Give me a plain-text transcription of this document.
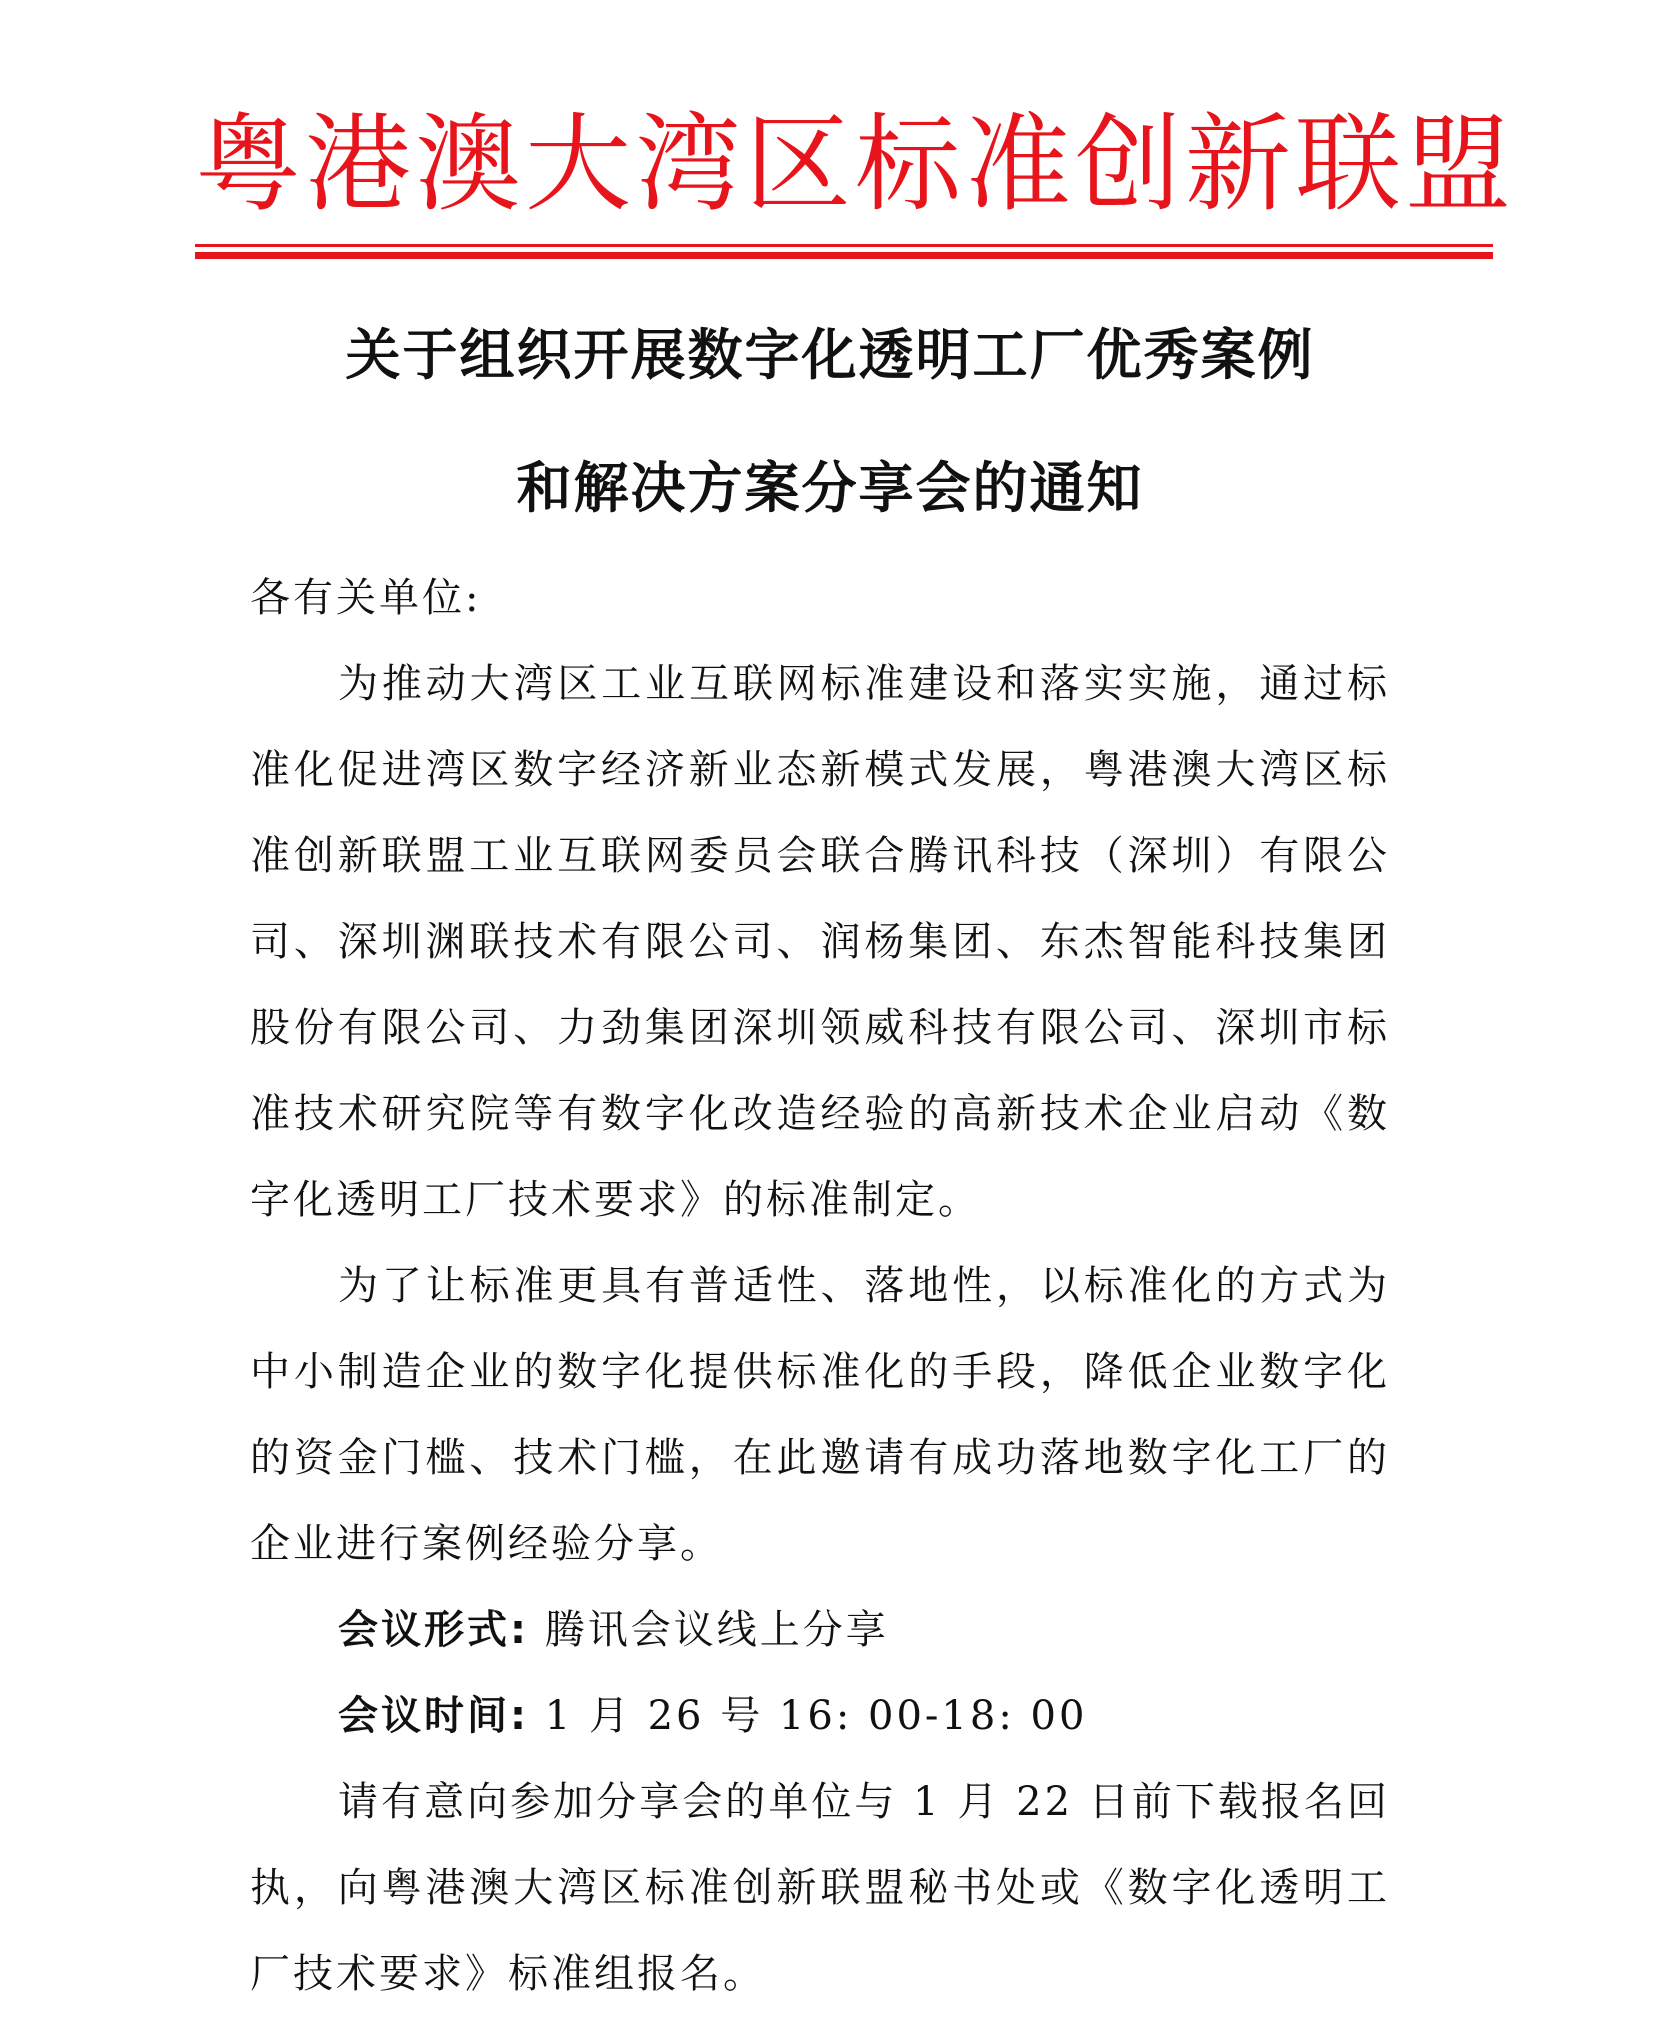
粤港澳大湾区标准创新联盟
关于组织开展数字化透明工厂优秀案例
和解决方案分享会的通知

各有关单位:

为推动大湾区工业互联网标准建设和落实实施，通过标准化促进湾区数字经济新业态新模式发展，粤港澳大湾区标准创新联盟工业互联网委员会联合腾讯科技（深圳）有限公司、深圳渊联技术有限公司、润杨集团、东杰智能科技集团股份有限公司、力劲集团深圳领威科技有限公司、深圳市标准技术研究院等有数字化改造经验的高新技术企业启动《数字化透明工厂技术要求》的标准制定。

为了让标准更具有普适性、落地性，以标准化的方式为中小制造企业的数字化提供标准化的手段，降低企业数字化的资金门槛、技术门槛，在此邀请有成功落地数字化工厂的企业进行案例经验分享。

会议形式: 腾讯会议线上分享

会议时间: 1 月 26 号 16: 00-18: 00

请有意向参加分享会的单位与 1 月 22 日前下载报名回执，向粤港澳大湾区标准创新联盟秘书处或《数字化透明工厂技术要求》标准组报名。
